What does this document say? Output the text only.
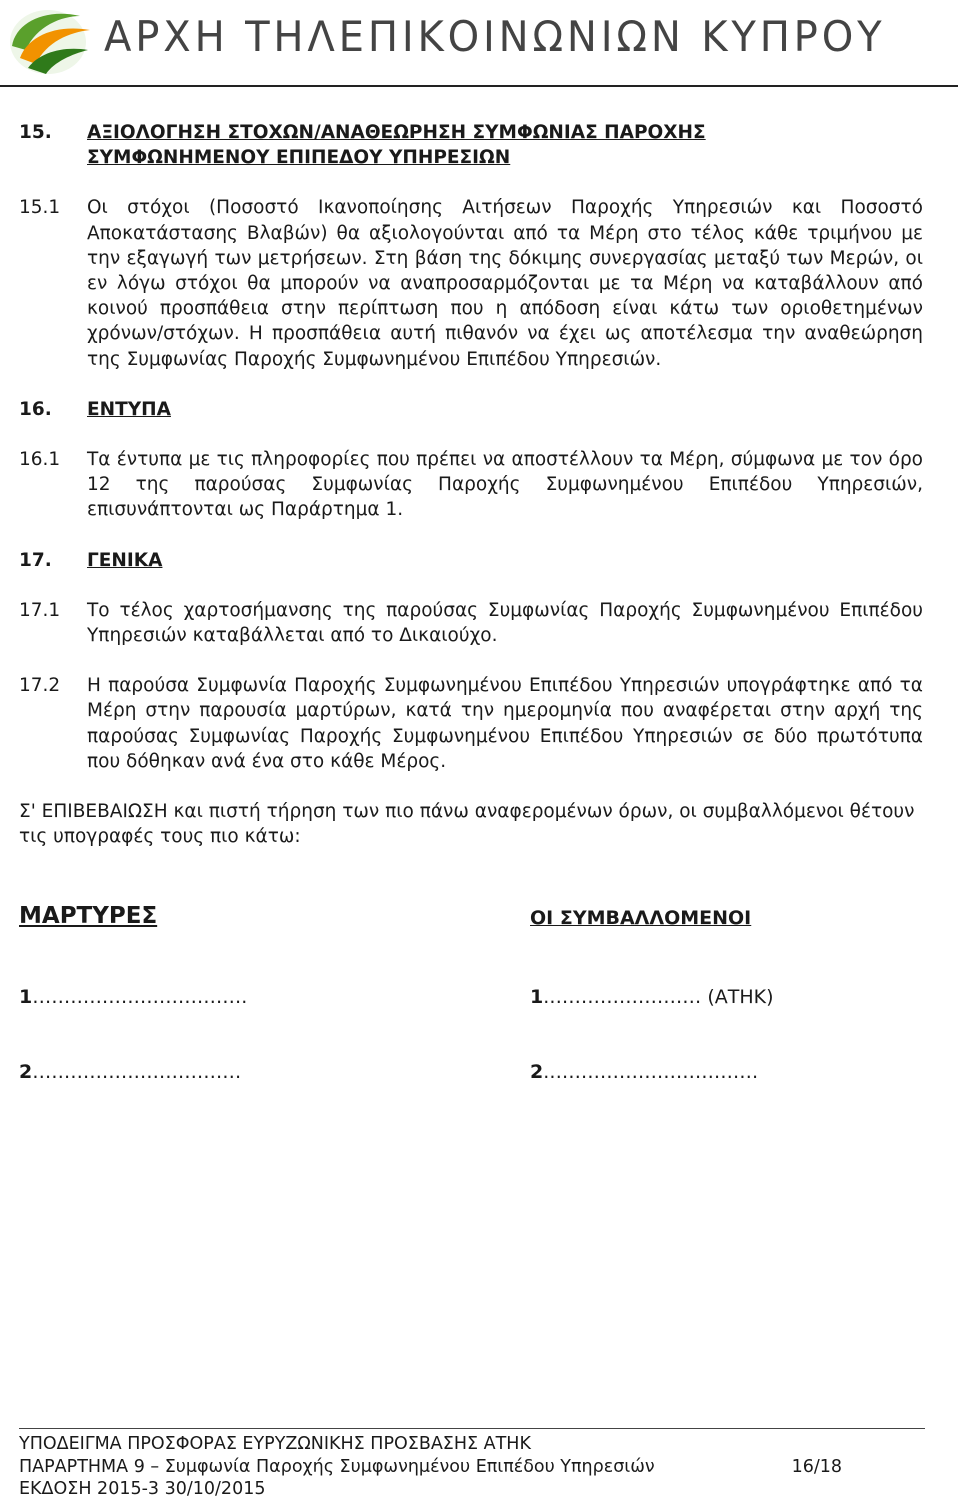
ΑΡΧΗ ΤΗΛΕΠΙΚΟΙΝΩΝΙΩΝ ΚΥΠΡΟΥ
15.	ΑΞΙΟΛΟΓΗΣΗ ΣΤΟΧΩΝ/ΑΝΑΘΕΩΡΗΣΗ ΣΥΜΦΩΝΙΑΣ ΠΑΡΟΧΗΣ
ΣΥΜΦΩΝΗΜΕΝΟΥ ΕΠΙΠΕΔΟΥ ΥΠΗΡΕΣΙΩΝ
15.1	Οι στόχοι (Ποσοστό Ικανοποίησης Αιτήσεων Παροχής Υπηρεσιών και Ποσοστό Αποκατάστασης Βλαβών) θα αξιολογούνται από τα Μέρη στο τέλος κάθε τριμήνου με την εξαγωγή των μετρήσεων. Στη βάση της δόκιμης συνεργασίας μεταξύ των Μερών, οι εν λόγω στόχοι θα μπορούν να αναπροσαρμόζονται με τα Μέρη να καταβάλλουν από κοινού προσπάθεια στην περίπτωση που η απόδοση είναι κάτω των οριοθετημένων χρόνων/στόχων. Η προσπάθεια αυτή πιθανόν να έχει ως αποτέλεσμα την αναθεώρηση της Συμφωνίας Παροχής Συμφωνημένου Επιπέδου Υπηρεσιών.
16.	ΕΝΤΥΠΑ
16.1	Τα έντυπα με τις πληροφορίες που πρέπει να αποστέλλουν τα Μέρη, σύμφωνα με τον όρο 12 της παρούσας Συμφωνίας Παροχής Συμφωνημένου Επιπέδου Υπηρεσιών, επισυνάπτονται ως Παράρτημα 1.
17.	ΓΕΝΙΚΑ
17.1	Το τέλος χαρτοσήμανσης της παρούσας Συμφωνίας Παροχής Συμφωνημένου Επιπέδου Υπηρεσιών καταβάλλεται από το Δικαιούχο.
17.2	Η παρούσα Συμφωνία Παροχής Συμφωνημένου Επιπέδου Υπηρεσιών υπογράφτηκε από τα Μέρη στην παρουσία μαρτύρων, κατά την ημερομηνία που αναφέρεται στην αρχή της παρούσας Συμφωνίας Παροχής Συμφωνημένου Επιπέδου Υπηρεσιών σε δύο πρωτότυπα που δόθηκαν ανά ένα στο κάθε Μέρος.

Σ' ΕΠΙΒΕΒΑΙΩΣΗ και πιστή τήρηση των πιο πάνω αναφερομένων όρων, οι συμβαλλόμενοι θέτουν τις υπογραφές τους πιο κάτω:

ΜΑΡΤΥΡΕΣ	ΟΙ ΣΥΜΒΑΛΛΟΜΕΝΟΙ
1…………………………….	1.…………………… (ΑΤΗΚ)
2……………………………	2.……………………………
ΥΠΟΔΕΙΓΜΑ ΠΡΟΣΦΟΡΑΣ ΕΥΡΥΖΩΝΙΚΗΣ ΠΡΟΣΒΑΣΗΣ ΑΤΗΚ
ΠΑΡΑΡΤΗΜΑ 9 – Συμφωνία Παροχής Συμφωνημένου Επιπέδου Υπηρεσιών	16/18
ΕΚΔΟΣΗ 2015-3 30/10/2015
